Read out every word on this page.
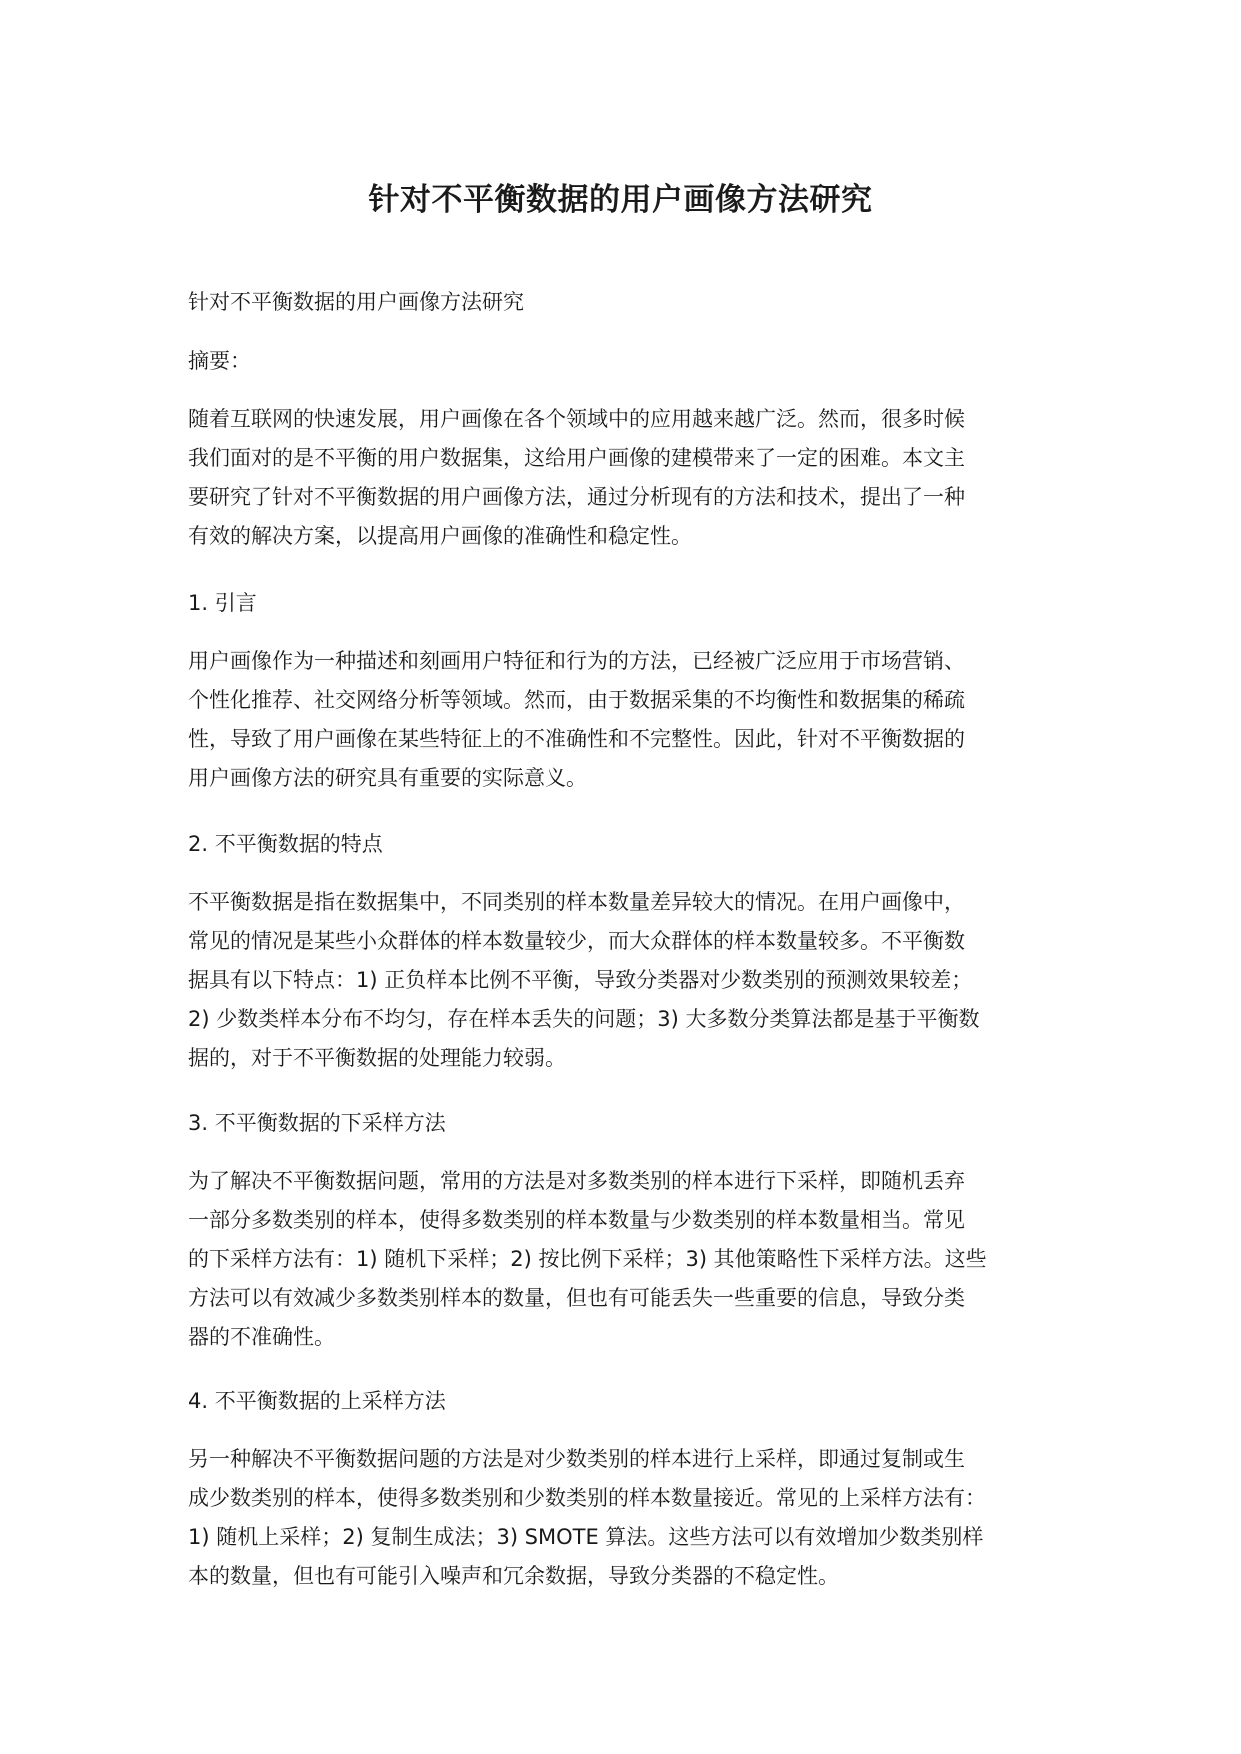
针对不平衡数据的用户画像方法研究

针对不平衡数据的用户画像方法研究

摘要：

随着互联网的快速发展，用户画像在各个领域中的应用越来越广泛。然而，很多时候
我们面对的是不平衡的用户数据集，这给用户画像的建模带来了一定的困难。本文主
要研究了针对不平衡数据的用户画像方法，通过分析现有的方法和技术，提出了一种
有效的解决方案，以提高用户画像的准确性和稳定性。

1. 引言

用户画像作为一种描述和刻画用户特征和行为的方法，已经被广泛应用于市场营销、
个性化推荐、社交网络分析等领域。然而，由于数据采集的不均衡性和数据集的稀疏
性，导致了用户画像在某些特征上的不准确性和不完整性。因此，针对不平衡数据的
用户画像方法的研究具有重要的实际意义。

2. 不平衡数据的特点

不平衡数据是指在数据集中，不同类别的样本数量差异较大的情况。在用户画像中，
常见的情况是某些小众群体的样本数量较少，而大众群体的样本数量较多。不平衡数
据具有以下特点：1) 正负样本比例不平衡，导致分类器对少数类别的预测效果较差；
2) 少数类样本分布不均匀，存在样本丢失的问题；3) 大多数分类算法都是基于平衡数
据的，对于不平衡数据的处理能力较弱。

3. 不平衡数据的下采样方法

为了解决不平衡数据问题，常用的方法是对多数类别的样本进行下采样，即随机丢弃
一部分多数类别的样本，使得多数类别的样本数量与少数类别的样本数量相当。常见
的下采样方法有：1) 随机下采样；2) 按比例下采样；3) 其他策略性下采样方法。这些
方法可以有效减少多数类别样本的数量，但也有可能丢失一些重要的信息，导致分类
器的不准确性。

4. 不平衡数据的上采样方法

另一种解决不平衡数据问题的方法是对少数类别的样本进行上采样，即通过复制或生
成少数类别的样本，使得多数类别和少数类别的样本数量接近。常见的上采样方法有：
1) 随机上采样；2) 复制生成法；3) SMOTE 算法。这些方法可以有效增加少数类别样
本的数量，但也有可能引入噪声和冗余数据，导致分类器的不稳定性。
